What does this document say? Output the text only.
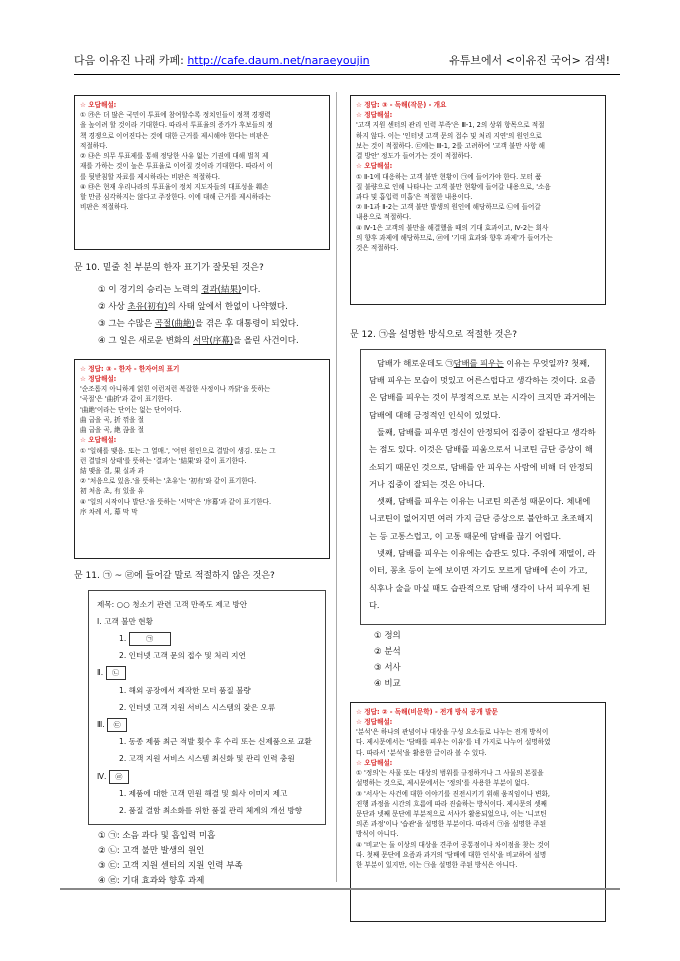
다음 이유진 나래 카페: http://cafe.daum.net/naraeyoujin	유튜브에서 <이유진 국어> 검색!
☆ 오답해설:
① ㉮은 더 많은 국민이 투표에 참여할수록 정치인들이 정책 경쟁력
을 높이려 할 것이라 기대한다. 따라서 투표율의 증가가 후보들의 정
책 경쟁으로 이어진다는 것에 대한 근거를 제시해야 한다는 비판은
적절하다.
② ㉯은 의무 투표제를 통해 정당한 사유 없는 기권에 대해 벌칙 제
재를 가하는 것이 높은 투표율로 이어질 것이라 기대한다. 따라서 이
를 뒷받침할 자료를 제시하라는 비판은 적절하다.
④ ㉰은 현재 우리나라의 투표율이 정치 지도자들의 대표성을 훼손
할 만큼 심각하지는 않다고 주장한다. 이에 대해 근거를 제시하라는
비판은 적절하다.

문 10. 밑줄 친 부분의 한자 표기가 잘못된 것은?

① 이 경기의 승리는 노력의 결과(結果)이다.
② 사상 초유(初有)의 사태 앞에서 한없이 나약했다.
③ 그는 수많은 곡절(曲絶)을 겪은 후 대통령이 되었다.
④ 그 일은 새로운 변화의 서막(序幕)을 올린 사건이다.
☆ 정답: ③ - 한자 - 한자어의 표기
☆ 정답해설:
'순조롭지 아니하게 얽힌 이런저런 복잡한 사정이나 까닭'을 뜻하는
'곡절'은 '曲折'과 같이 표기한다.
'曲絶'이라는 단어는 없는 단어이다.
曲 굽을 곡, 折 꺾을 절
曲 굽을 곡, 絶 끊을 절
☆ 오답해설:
① '일해를 맺음. 또는 그 열매.', '어떤 원인으로 결말이 생김. 또는 그
런 결말의 상태'를 뜻하는 '결과'는 '結果'와 같이 표기한다.
結 맺을 결, 果 실과 과
② '처음으로 있음.'을 뜻하는 '초유'는 '初有'와 같이 표기한다.
初 처음 초, 有 있을 유
④ '일의 시작이나 발단.'을 뜻하는 '서막'은 '序幕'과 같이 표기한다.
序 차례 서, 幕 막 막

문 11. ㉠ ~ ㉣에 들어갈 말로 적절하지 않은 것은?

제목: ○○ 청소기 관련 고객 만족도 제고 방안
Ⅰ. 고객 불만 현황
1.	㉠
2. 인터넷 고객 문의 접수 및 처리 지연
Ⅱ. ㉡
1. 해외 공장에서 제작한 모터 품질 불량
2. 인터넷 고객 지원 서비스 시스템의 잦은 오류
Ⅲ. ㉢
1. 동종 제품 최근 적발 횟수 후 수리 또는 신제품으로 교환
2. 고객 지원 서비스 시스템 최신화 및 관리 인력 충원
Ⅳ. ㉣
1. 제품에 대한 고객 민원 해결 및 회사 이미지 제고
2. 품질 결함 최소화를 위한 품질 관리 체계의 개선 방향
① ㉠: 소음 과다 및 흡입력 미흡
② ㉡: 고객 불만 발생의 원인
③ ㉢: 고객 지원 센터의 지원 인력 부족
④ ㉣: 기대 효과와 향후 과제
☆ 정답: ③ - 독해(작문) - 개요
☆ 정답해설:
'고객 지원 센터의 관리 인력 부족'은 Ⅲ-1, 2의 상위 항목으로 적절
하지 않다. 이는 '인터넷 고객 문의 접수 및 처리 지연'의 원인으로
보는 것이 적절하다. ㉢에는 Ⅲ-1, 2를 고려하여 '고객 불만 사항 해
결 방안' 정도가 들어가는 것이 적절하다.
☆ 오답해설:
① Ⅱ-1에 대응하는 고객 불만 현황이 ㉠에 들어가야 한다. 모터 품
질 불량으로 인해 나타나는 고객 불만 현황에 들어갈 내용으로, '소음
과다 및 흡입력 미흡'은 적절한 내용이다.
② Ⅱ-1과 Ⅱ-2는 고객 불만 발생의 원인에 해당하므로 ㉡에 들어갈
내용으로 적절하다.
④ Ⅳ-1은 고객의 불만을 해결했을 때의 기대 효과이고, Ⅳ-2는 회사
의 향후 과제에 해당하므로, ㉣에 '기대 효과와 향후 과제'가 들어가는
것은 적절하다.

문 12. ㉠을 설명한 방식으로 적절한 것은?

담배가 해로운데도 ㉠담배를 피우는 이유는 무엇일까? 첫째, 담배 피우는 모습이 멋있고 어른스럽다고 생각하는 것이다. 요즘은 담배를 피우는 것이 부정적으로 보는 시각이 크지만 과거에는 담배에 대해 긍정적인 인식이 있었다.
둘째, 담배를 피우면 정신이 안정되어 집중이 잘된다고 생각하는 점도 있다. 이것은 담배를 피움으로서 니코틴 금단 증상이 해소되기 때문인 것으로, 담배를 안 피우는 사람에 비해 더 안정되거나 집중이 잘되는 것은 아니다.
셋째, 담배를 피우는 이유는 니코틴 의존성 때문이다. 체내에 니코틴이 없어지면 여러 가지 금단 증상으로 불안하고 초조해지는 등 고통스럽고, 이 고통 때문에 담배를 끊기 어렵다.
넷째, 담배를 피우는 이유에는 습관도 있다. 주위에 재떨이, 라이터, 꽁초 등이 눈에 보이면 자기도 모르게 담배에 손이 가고, 식후나 술을 마실 때도 습관적으로 담배 생각이 나서 피우게 된다.
① 정의② 분석
③ 서사④ 비교
☆ 정답: ② - 독해(비문학) - 전개 방식 공개 발문
☆ 정답해설:
'분석'은 하나의 관념이나 대상을 구성 요소들로 나누는 전개 방식이
다. 제시문에서는 '담배를 피우는 이유'를 네 가지로 나누어 설명하였
다. 따라서 '분석'을 활용한 글이라 볼 수 있다.
☆ 오답해설:
① '정의'는 사물 또는 대상의 범위를 규정하거나 그 사물의 본질을
설명하는 것으로, 제시문에서는 '정의'를 사용한 부분이 없다.
③ '서사'는 사건에 대한 이야기를 진전시키기 위해 움직임이나 변화,
진행 과정을 시간의 흐름에 따라 진술하는 방식이다. 제시문의 셋째
문단과 넷째 문단에 부분적으로 서사가 활용되었으나, 이는 '니코틴
의존 과정'이나 '습관'을 설명한 부분이다. 따라서 ㉠을 설명한 주된
방식이 아니다.
④ '비교'는 둘 이상의 대상을 견주어 공통점이나 차이점을 찾는 것이
다. 첫째 문단에 요즘과 과거의 '담배에 대한 인식'을 비교하여 설명
한 부분이 있지만, 이는 ㉠을 설명한 주된 방식은 아니다.
